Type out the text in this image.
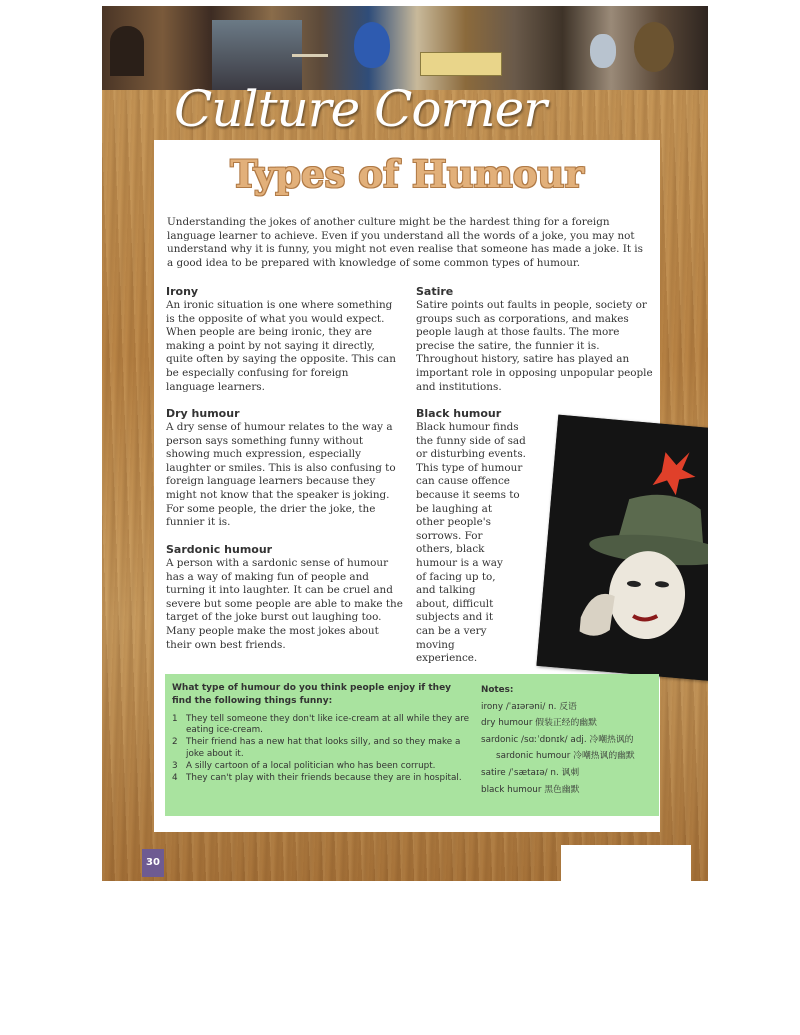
Culture Corner
Types of Humour
Understanding the jokes of another culture might be the hardest thing for a foreign language learner to achieve. Even if you understand all the words of a joke, you may not understand why it is funny, you might not even realise that someone has made a joke. It is a good idea to be prepared with knowledge of some common types of humour.
Irony
An ironic situation is one where something is the opposite of what you would expect. When people are being ironic, they are making a point by not saying it directly, quite often by saying the opposite. This can be especially confusing for foreign language learners.
Dry humour
A dry sense of humour relates to the way a person says something funny without showing much expression, especially laughter or smiles. This is also confusing to foreign language learners because they might not know that the speaker is joking. For some people, the drier the joke, the funnier it is.
Sardonic humour
A person with a sardonic sense of humour has a way of making fun of people and turning it into laughter. It can be cruel and severe but some people are able to make the target of the joke burst out laughing too. Many people make the most jokes about their own best friends.
Satire
Satire points out faults in people, society or groups such as corporations, and makes people laugh at those faults. The more precise the satire, the funnier it is. Throughout history, satire has played an important role in opposing unpopular people and institutions.
Black humour
Black humour finds
the funny side of sad
or disturbing events.
This type of humour
can cause offence
because it seems to
be laughing at
other people's
sorrows. For
others, black
humour is a way
of facing up to,
and talking
about, difficult
subjects and it
can be a very
moving
experience.
What type of humour do you think people enjoy if they find the following things funny:
1 They tell someone they don't like ice-cream at all while they are eating ice-cream.
2 Their friend has a new hat that looks silly, and so they make a joke about it.
3 A silly cartoon of a local politician who has been corrupt.
4 They can't play with their friends because they are in hospital.
Notes:
irony /ˈaɪərəni/ n. 反语
dry humour 假装正经的幽默
sardonic /sɑːˈdɒnɪk/ adj. 冷嘲热讽的
sardonic humour 冷嘲热讽的幽默
satire /ˈsætaɪə/ n. 讽刺
black humour 黑色幽默
30
